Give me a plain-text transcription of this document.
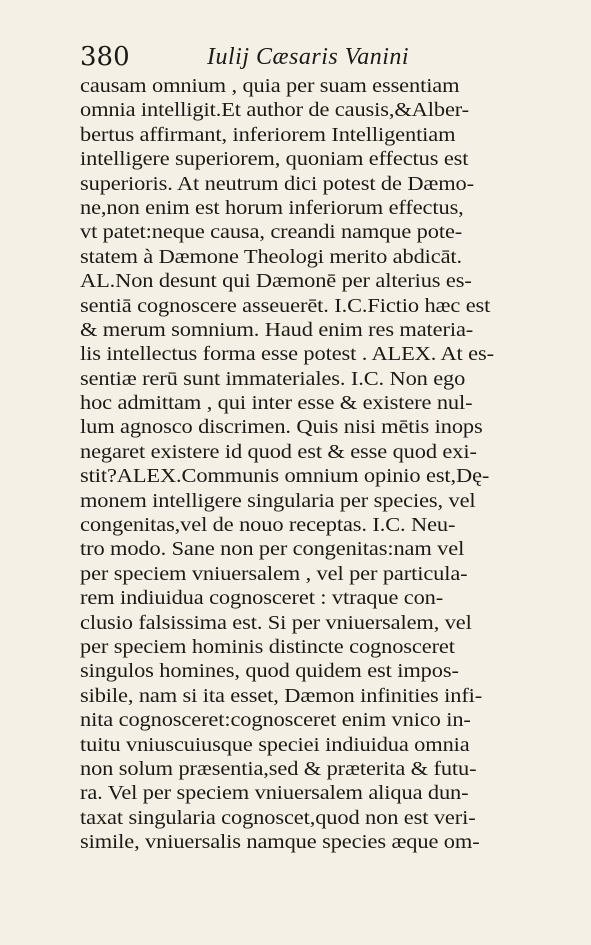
380	Iulij Cæsaris Vanini
causam omnium , quia per suam essentiam
omnia intelligit.Et author de causis,&Alber-
bertus affirmant, inferiorem Intelligentiam
intelligere superiorem, quoniam effectus est
superioris. At neutrum dici potest de Dæmo-
ne,non enim est horum inferiorum effectus,
vt patet:neque causa, creandi namque pote-
statem à Dæmone Theologi merito abdicāt.
AL.Non desunt qui Dæmonē per alterius es-
sentiā cognoscere asseuerēt. I.C.Fictio hæc est
& merum somnium. Haud enim res materia-
lis intellectus forma esse potest . ALEX. At es-
sentiæ rerū sunt immateriales. I.C. Non ego
hoc admittam , qui inter esse & existere nul-
lum agnosco discrimen. Quis nisi mētis inops
negaret existere id quod est & esse quod exi-
stit?ALEX.Communis omnium opinio est,Dę-
monem intelligere singularia per species, vel
congenitas,vel de nouo receptas. I.C. Neu-
tro modo. Sane non per congenitas:nam vel
per speciem vniuersalem , vel per particula-
rem indiuidua cognosceret : vtraque con-
clusio falsissima est. Si per vniuersalem, vel
per speciem hominis distincte cognosceret
singulos homines, quod quidem est impos-
sibile, nam si ita esset, Dæmon infinities infi-
nita cognosceret:cognosceret enim vnico in-
tuitu vniuscuiusque speciei indiuidua omnia
non solum præsentia,sed & præterita & futu-
ra. Vel per speciem vniuersalem aliqua dun-
taxat singularia cognoscet,quod non est veri-
simile, vniuersalis namque species æque om-
